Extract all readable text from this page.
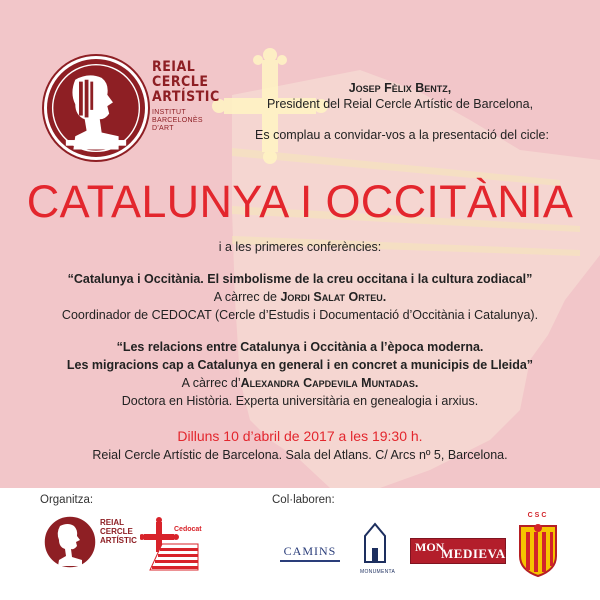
REIAL
CERCLE
ARTÍSTIC
INSTITUT
BARCELONÈS
D'ART
Josep Fèlix Bentz,
President del Reial Cercle Artístic de Barcelona,
Es complau a convidar-vos a la presentació del cicle:
CATALUNYA I OCCITÀNIA
i a les primeres conferències:
“Catalunya i Occitània. El simbolisme de la creu occitana i la cultura zodiacal”
A càrrec de Jordi Salat Orteu.
Coordinador de CEDOCAT (Cercle d’Estudis i Documentació d’Occitània i Catalunya).
“Les relacions entre Catalunya i Occitània a l’època moderna.
Les migracions cap a Catalunya en general i en concret a municipis de Lleida”
A càrrec d’Alexandra Capdevila Muntadas.
Doctora en Història. Experta universitària en genealogia i arxius.
Dilluns 10 d’abril de 2017 a les 19:30 h.
Reial Cercle Artístic de Barcelona. Sala del Atlans. C/ Arcs nº 5, Barcelona.
Organitza:	Col·laboren:
REIAL
CERCLE
ARTÍSTIC
Cedocat
CAMINS
MONUMENTA
MON
MEDIEVAL
CSC
